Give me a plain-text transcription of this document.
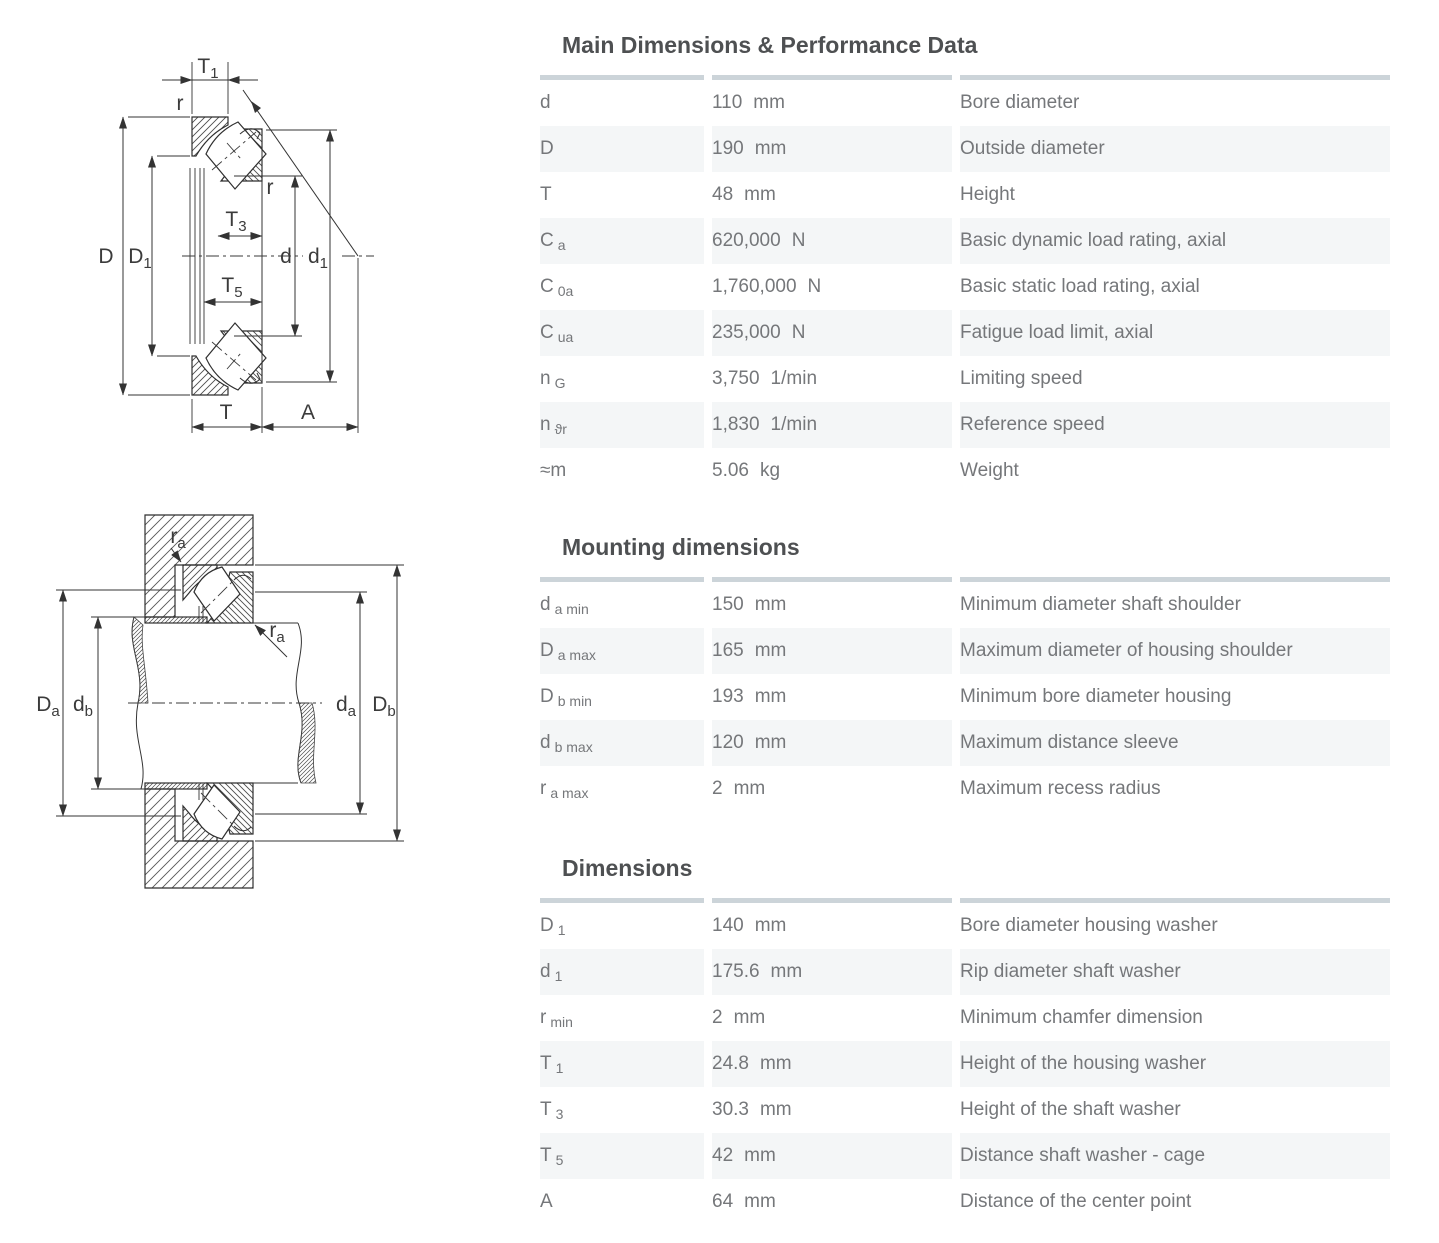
$T_1$
r
D $D_1$
$T_3$
$T_5$
d $d_1$
r
T	A
$r_a$
$r_a$
$D_a$ $d_b$	$d_a$ $D_b$
Main Dimensions & Performance Data
d	110 mm	Bore diameter
D	190 mm	Outside diameter
T	48 mm	Height
C $_a$	620,000 N	Basic dynamic load rating, axial
C $_{0a}$	1,760,000 N	Basic static load rating, axial
C $_{ua}$	235,000 N	Fatigue load limit, axial
n $_G$	3,750 1/min	Limiting speed
n $_{ϑr}$	1,830 1/min	Reference speed
≈m	5.06 kg	Weight
Mounting dimensions
d $_{a min}$	150 mm	Minimum diameter shaft shoulder
D $_{a max}$	165 mm	Maximum diameter of housing shoulder
D $_{b min}$	193 mm	Minimum bore diameter housing
d $_{b max}$	120 mm	Maximum distance sleeve
r $_{a max}$	2 mm	Maximum recess radius
Dimensions
D $_1$	140 mm	Bore diameter housing washer
d $_1$	175.6 mm	Rip diameter shaft washer
r $_{min}$	2 mm	Minimum chamfer dimension
T $_1$	24.8 mm	Height of the housing washer
T $_3$	30.3 mm	Height of the shaft washer
T $_5$	42 mm	Distance shaft washer - cage
A	64 mm	Distance of the center point
